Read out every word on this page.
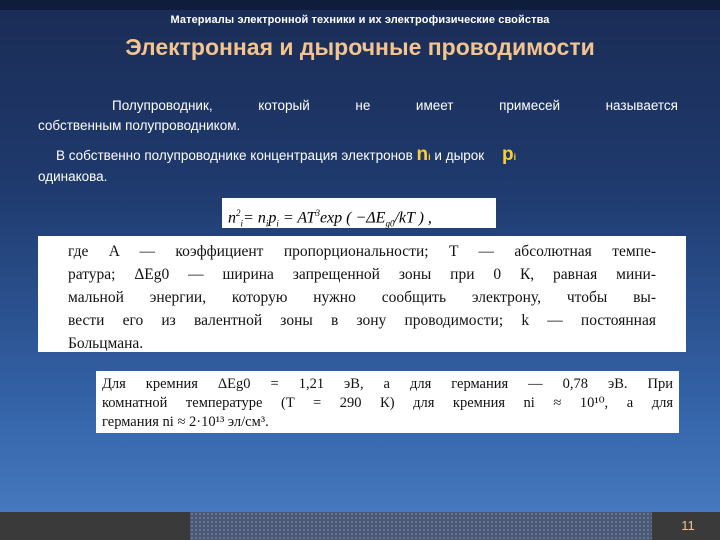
Материалы электронной техники и их электрофизические свойства
Электронная и дырочные проводимости
Полупроводник, который не имеет примесей называется
собственным полупроводником.
В собственно полупроводнике концентрация электронов ni и дырок pi
одинакова.
$n^2_i= n_ip_i = AT^3\exp$ ( $-\Delta E_{g0}/kT$ ) ,
где A — коэффициент пропорциональности; T — абсолютная темпе-
ратура; ΔEg0 — ширина запрещенной зоны при 0 К, равная мини-
мальной энергии, которую нужно сообщить электрону, чтобы вы-
вести его из валентной зоны в зону проводимости; k — постоянная
Больцмана.
Для кремния ΔEg0 = 1,21 эВ, а для германия — 0,78 эВ. При
комнатной температуре (T = 290 К) для кремния ni ≈ 10¹⁰, а для
германия ni ≈ 2·10¹³ эл/см³.
11
